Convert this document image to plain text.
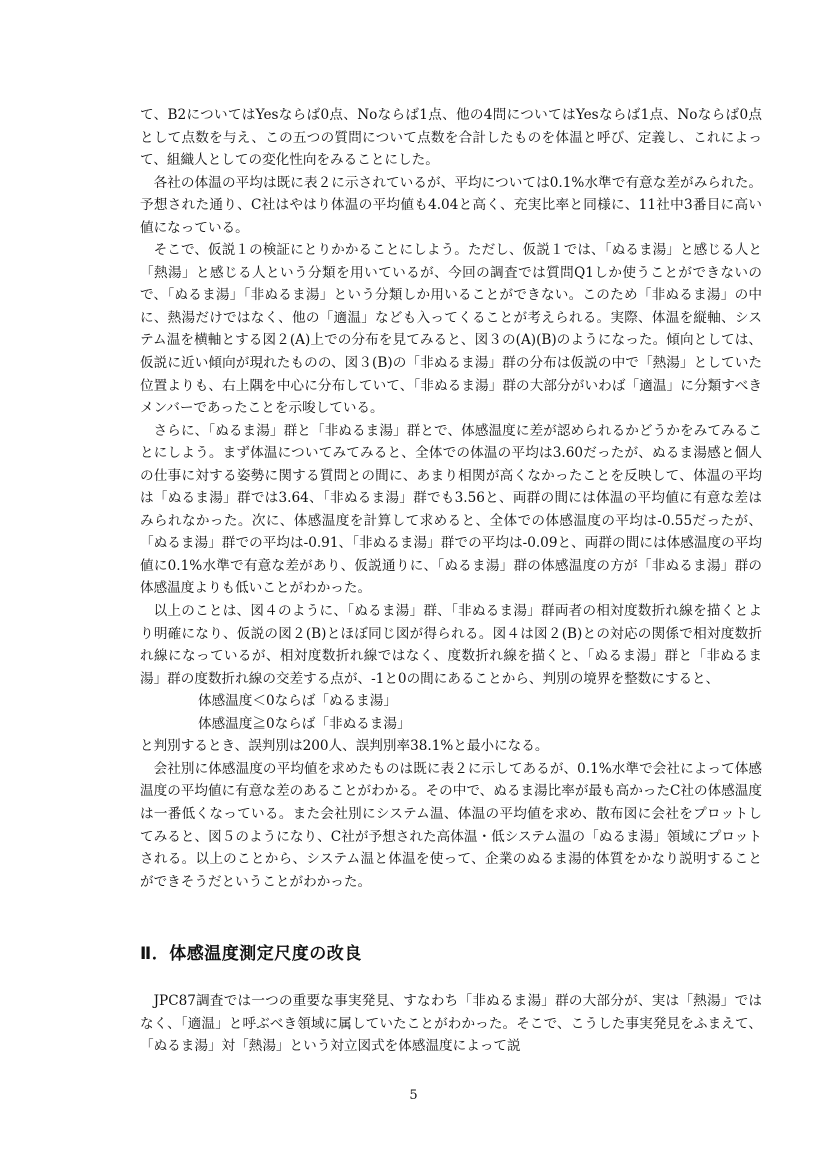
て、B2についてはYesならば0点、Noならば1点、他の4問についてはYesならば1点、Noならば0点として点数を与え、この五つの質問について点数を合計したものを体温と呼び、定義し、これによって、組織人としての変化性向をみることにした。

各社の体温の平均は既に表２に示されているが、平均については0.1%水準で有意な差がみられた。予想された通り、C社はやはり体温の平均値も4.04と高く、充実比率と同様に、11社中3番目に高い値になっている。

そこで、仮説１の検証にとりかかることにしよう。ただし、仮説１では、「ぬるま湯」と感じる人と「熱湯」と感じる人という分類を用いているが、今回の調査では質問Q1しか使うことができないので、「ぬるま湯」「非ぬるま湯」という分類しか用いることができない。このため「非ぬるま湯」の中に、熱湯だけではなく、他の「適温」なども入ってくることが考えられる。実際、体温を縦軸、システム温を横軸とする図２(A)上での分布を見てみると、図３の(A)(B)のようになった。傾向としては、仮説に近い傾向が現れたものの、図３(B)の「非ぬるま湯」群の分布は仮説の中で「熱湯」としていた位置よりも、右上隅を中心に分布していて、「非ぬるま湯」群の大部分がいわば「適温」に分類すべきメンバーであったことを示唆している。

さらに、「ぬるま湯」群と「非ぬるま湯」群とで、体感温度に差が認められるかどうかをみてみることにしよう。まず体温についてみてみると、全体での体温の平均は3.60だったが、ぬるま湯感と個人の仕事に対する姿勢に関する質問との間に、あまり相関が高くなかったことを反映して、体温の平均は「ぬるま湯」群では3.64、「非ぬるま湯」群でも3.56と、両群の間には体温の平均値に有意な差はみられなかった。次に、体感温度を計算して求めると、全体での体感温度の平均は-0.55だったが、「ぬるま湯」群での平均は-0.91、「非ぬるま湯」群での平均は-0.09と、両群の間には体感温度の平均値に0.1%水準で有意な差があり、仮説通りに、「ぬるま湯」群の体感温度の方が「非ぬるま湯」群の体感温度よりも低いことがわかった。

以上のことは、図４のように、「ぬるま湯」群、「非ぬるま湯」群両者の相対度数折れ線を描くとより明確になり、仮説の図２(B)とほぼ同じ図が得られる。図４は図２(B)との対応の関係で相対度数折れ線になっているが、相対度数折れ線ではなく、度数折れ線を描くと、「ぬるま湯」群と「非ぬるま湯」群の度数折れ線の交差する点が、-1と0の間にあることから、判別の境界を整数にすると、

体感温度＜0ならば「ぬるま湯」

体感温度≧0ならば「非ぬるま湯」

と判別するとき、誤判別は200人、誤判別率38.1%と最小になる。

会社別に体感温度の平均値を求めたものは既に表２に示してあるが、0.1%水準で会社によって体感温度の平均値に有意な差のあることがわかる。その中で、ぬるま湯比率が最も高かったC社の体感温度は一番低くなっている。また会社別にシステム温、体温の平均値を求め、散布図に会社をプロットしてみると、図５のようになり、C社が予想された高体温・低システム温の「ぬるま湯」領域にプロットされる。以上のことから、システム温と体温を使って、企業のぬるま湯的体質をかなり説明することができそうだということがわかった。

Ⅱ．体感温度測定尺度の改良

JPC87調査では一つの重要な事実発見、すなわち「非ぬるま湯」群の大部分が、実は「熱湯」ではなく、「適温」と呼ぶべき領域に属していたことがわかった。そこで、こうした事実発見をふまえて、「ぬるま湯」対「熱湯」という対立図式を体感温度によって説

5
